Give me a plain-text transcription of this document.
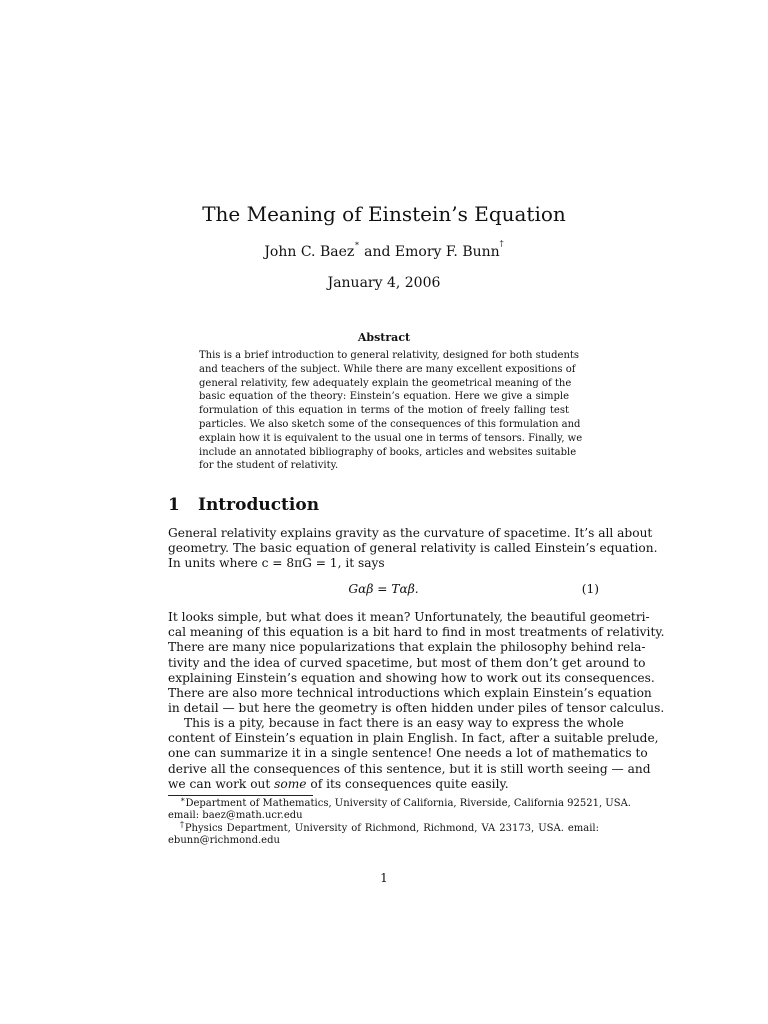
The Meaning of Einstein’s Equation
John C. Baez∗ and Emory F. Bunn†
January 4, 2006
Abstract
This is a brief introduction to general relativity, designed for both students
and teachers of the subject. While there are many excellent expositions of
general relativity, few adequately explain the geometrical meaning of the
basic equation of the theory: Einstein’s equation. Here we give a simple
formulation of this equation in terms of the motion of freely falling test
particles. We also sketch some of the consequences of this formulation and
explain how it is equivalent to the usual one in terms of tensors. Finally, we
include an annotated bibliography of books, articles and websites suitable
for the student of relativity.
1 Introduction
General relativity explains gravity as the curvature of spacetime. It’s all about
geometry. The basic equation of general relativity is called Einstein’s equation.
In units where c = 8πG = 1, it says
Gαβ = Tαβ.	(1)
It looks simple, but what does it mean? Unfortunately, the beautiful geometri-
cal meaning of this equation is a bit hard to find in most treatments of relativity.
There are many nice popularizations that explain the philosophy behind rela-
tivity and the idea of curved spacetime, but most of them don’t get around to
explaining Einstein’s equation and showing how to work out its consequences.
There are also more technical introductions which explain Einstein’s equation
in detail — but here the geometry is often hidden under piles of tensor calculus.
This is a pity, because in fact there is an easy way to express the whole
content of Einstein’s equation in plain English. In fact, after a suitable prelude,
one can summarize it in a single sentence! One needs a lot of mathematics to
derive all the consequences of this sentence, but it is still worth seeing — and
we can work out some of its consequences quite easily.
∗Department of Mathematics, University of California, Riverside, California 92521, USA.
email: baez@math.ucr.edu
†Physics Department, University of Richmond, Richmond, VA 23173, USA. email:
ebunn@richmond.edu
1
